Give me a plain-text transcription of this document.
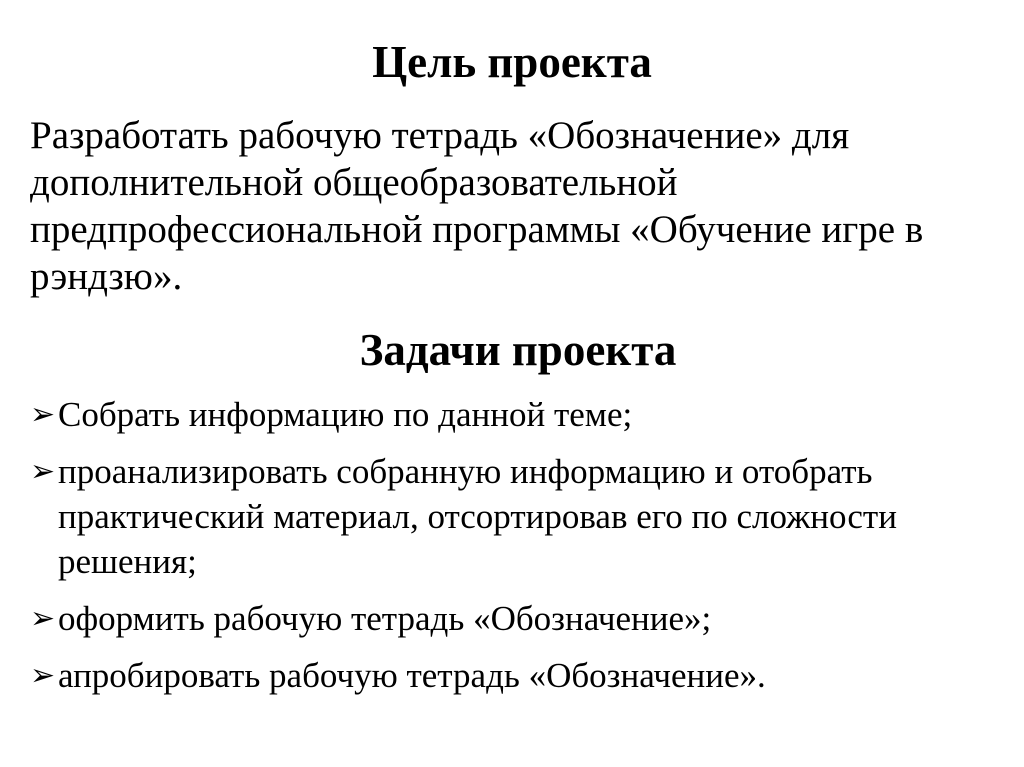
Цель проекта

Разработать рабочую тетрадь «Обозначение» для дополнительной общеобразовательной предпрофессиональной программы «Обучение игре в рэндзю».

Задачи проекта
➢ Собрать информацию по данной теме;
➢ проанализировать собранную информацию и отобрать практический материал, отсортировав его по сложности решения;
➢ оформить рабочую тетрадь «Обозначение»;
➢ апробировать рабочую тетрадь «Обозначение».
